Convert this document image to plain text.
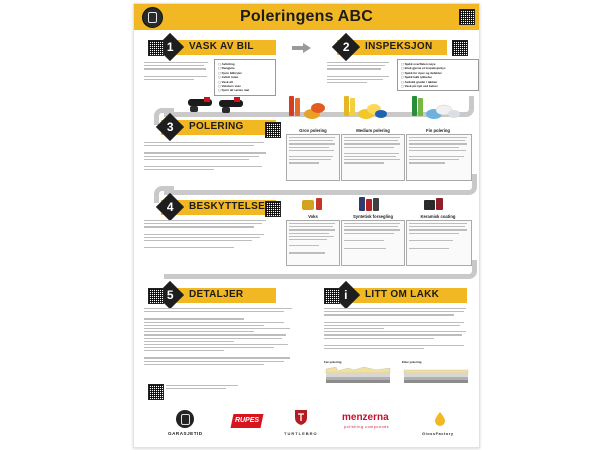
Poleringens ABC
1	VASK AV BIL
▢ Avfetting
▢ Rengjøre
▢ Fjern bilbryter
▢ Avfett ruten
▢ Vask alt
▢ Vekslerv støv
▢ Fjern alt seriøs mat
2	INSPEKSJON
▢ Sjekk overflaten nøye
▢ Bruk gjerne et inspeksjonlys
▢ Sjekk for riper og defekter
▢ Sjekk lakk tykkelse
▢ Avdekk grader i lakken
▢ Vask på nytt ved behov
3	POLERING	Grov polering	Medium polering	Fin polering
4	BESKYTTELSE
Voks	Syntetisk forsegling	Keramisk coating
5	DETALJER	i	LITT OM LAKK
Før polering	Etter polering
GARASJETID
RUPES
TURTLEBRO
menzerna
polishing compounds
GlossFactory
